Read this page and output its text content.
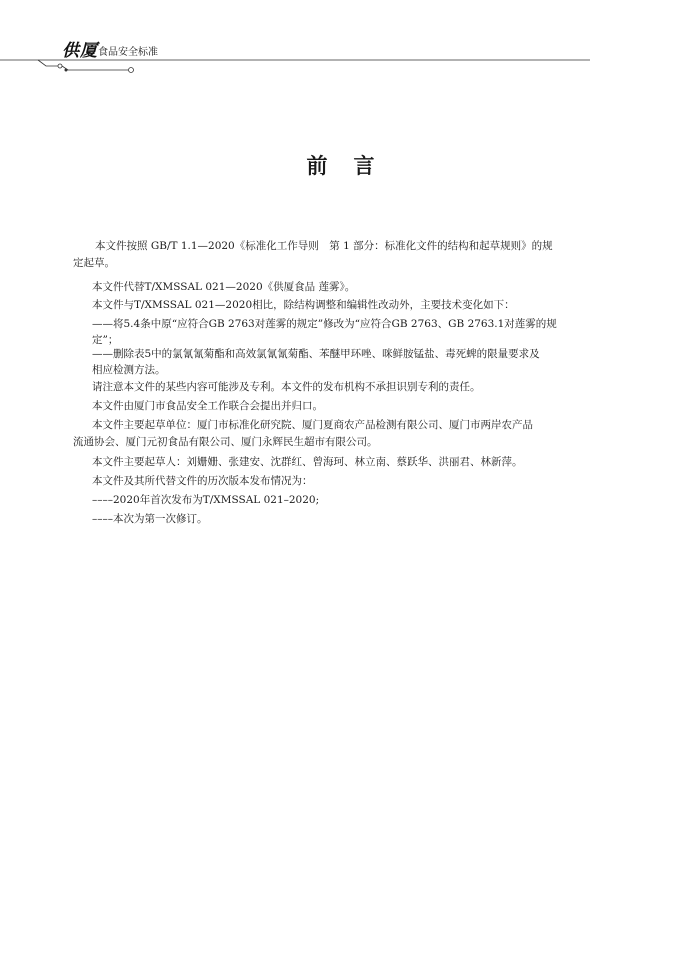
供厦 食品安全标准
前言

本文件按照 GB/T 1.1—2020《标准化工作导则　第 1 部分：标准化文件的结构和起草规则》的规

定起草。

本文件代替T/XMSSAL 021—2020《供厦食品 莲雾》。

本文件与T/XMSSAL 021—2020相比，除结构调整和编辑性改动外，主要技术变化如下：

——将5.4条中原“应符合GB 2763对莲雾的规定”修改为“应符合GB 2763、GB 2763.1对莲雾的规

定”；

——删除表5中的氯氰氰菊酯和高效氯氰氰菊酯、苯醚甲环唑、咪鲜胺锰盐、毒死蜱的限量要求及

相应检测方法。

请注意本文件的某些内容可能涉及专利。本文件的发布机构不承担识别专利的责任。

本文件由厦门市食品安全工作联合会提出并归口。

本文件主要起草单位：厦门市标准化研究院、厦门夏商农产品检测有限公司、厦门市两岸农产品

流通协会、厦门元初食品有限公司、厦门永辉民生超市有限公司。

本文件主要起草人：刘姗姗、张建安、沈群红、曾海珂、林立南、蔡跃华、洪丽君、林新萍。

本文件及其所代替文件的历次版本发布情况为：

––––2020年首次发布为T/XMSSAL 021–2020;

––––本次为第一次修订。
